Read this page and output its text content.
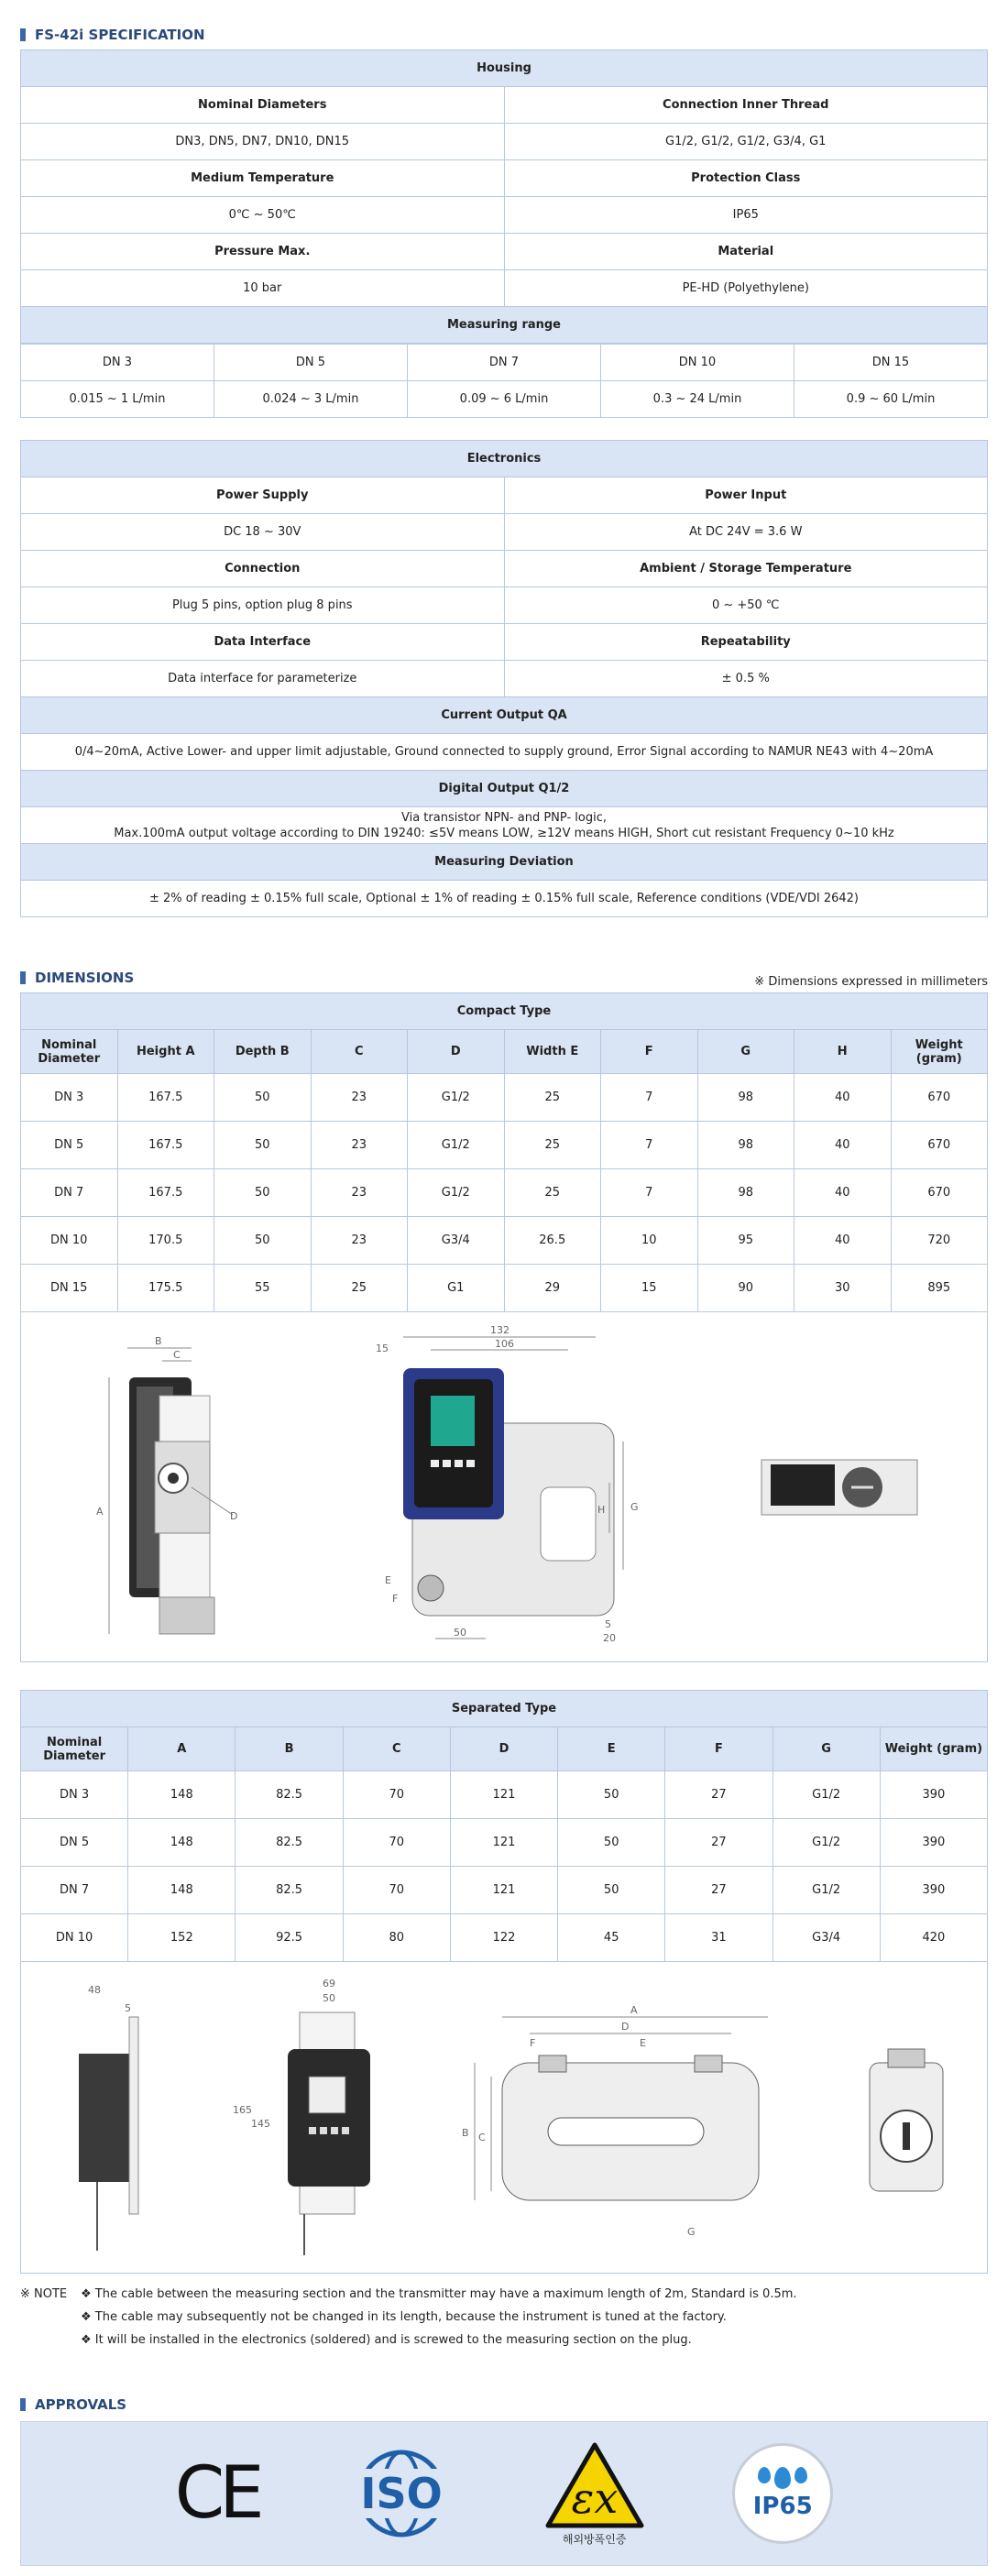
FS-42i SPECIFICATION
Housing	
Nominal Diameters	Connection Inner Thread
DN3, DN5, DN7, DN10, DN15	G1/2, G1/2, G1/2, G3/4, G1
Medium Temperature	Protection Class
0℃ ~ 50℃	IP65
Pressure Max.	Material
10 bar	PE-HD (Polyethylene)
Measuring range	
DN 3	DN 5	DN 7	DN 10	DN 15
0.015 ~ 1 L/min	0.024 ~ 3 L/min	0.09 ~ 6 L/min	0.3 ~ 24 L/min	0.9 ~ 60 L/min
Electronics	
Power Supply	Power Input
DC 18 ~ 30V	At DC 24V = 3.6 W
Connection	Ambient / Storage Temperature
Plug 5 pins, option plug 8 pins	0 ~ +50 ℃
Data Interface	Repeatability
Data interface for parameterize	± 0.5 %
Current Output QA	
0/4~20mA, Active Lower- and upper limit adjustable, Ground connected to supply ground, Error Signal according to NAMUR NE43 with 4~20mA	
Digital Output Q1/2	

Via transistor NPN- and PNP- logic,
Max.100mA output voltage according to DIN 19240: ≤5V means LOW, ≥12V means HIGH, Short cut resistant Frequency 0~10 kHz	

Measuring Deviation	
± 2% of reading ± 0.15% full scale, Optional ± 1% of reading ± 0.15% full scale, Reference conditions (VDE/VDI 2642)	
DIMENSIONS	※ Dimensions expressed in millimeters
Compact Type									
Nominal Diameter	Height A	Depth B	C	D	Width E	F	G	H	Weight (gram)
DN 3	167.5	50	23	G1/2	25	7	98	40	670
DN 5	167.5	50	23	G1/2	25	7	98	40	670
DN 7	167.5	50	23	G1/2	25	7	98	40	670
DN 10	170.5	50	23	G3/4	26.5	10	95	40	720
DN 15	175.5	55	25	G1	29	15	90	30	895
B
C
A	D
132
106
15
G
H
F
E
50
5
20
Separated Type								
Nominal Diameter	A	B	C	D	E	F	G	Weight (gram)
DN 3	148	82.5	70	121	50	27	G1/2	390
DN 5	148	82.5	70	121	50	27	G1/2	390
DN 7	148	82.5	70	121	50	27	G1/2	390
DN 10	152	92.5	80	122	45	31	G3/4	420
48
5
69
50
165
145
A
D
E
F
B C
G
※ NOTE	❖ The cable between the measuring section and the transmitter may have a maximum length of 2m, Standard is 0.5m.
❖ The cable may subsequently not be changed in its length, because the instrument is tuned at the factory.
❖ It will be installed in the electronics (soldered) and is screwed to the measuring section on the plug.
APPROVALS
CE ISO	εx
해외방폭인증
IP65
